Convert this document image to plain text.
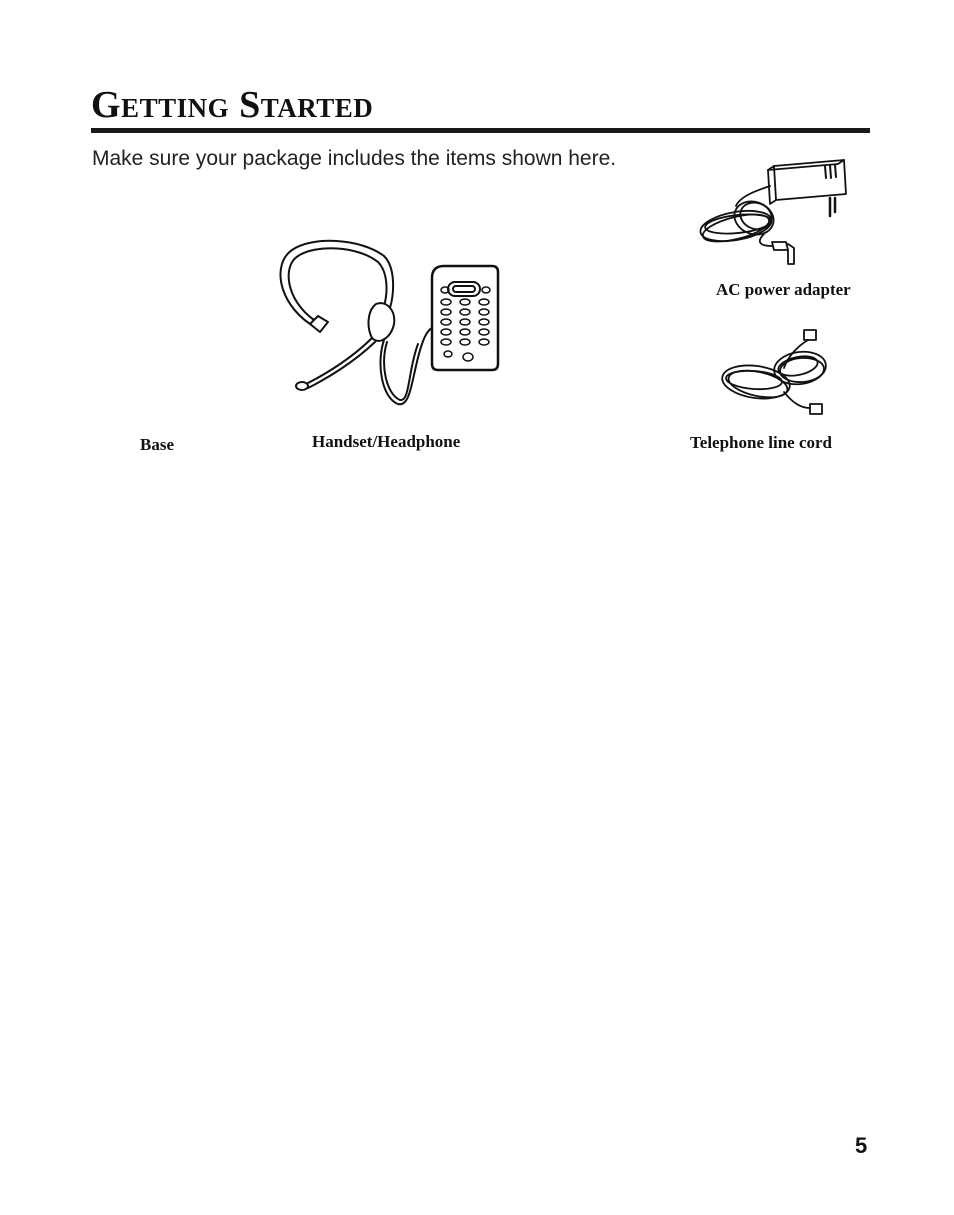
Getting Started
Make sure your package includes the items shown here.
AC power adapter
Base	Handset/Headphone	Telephone line cord
5
